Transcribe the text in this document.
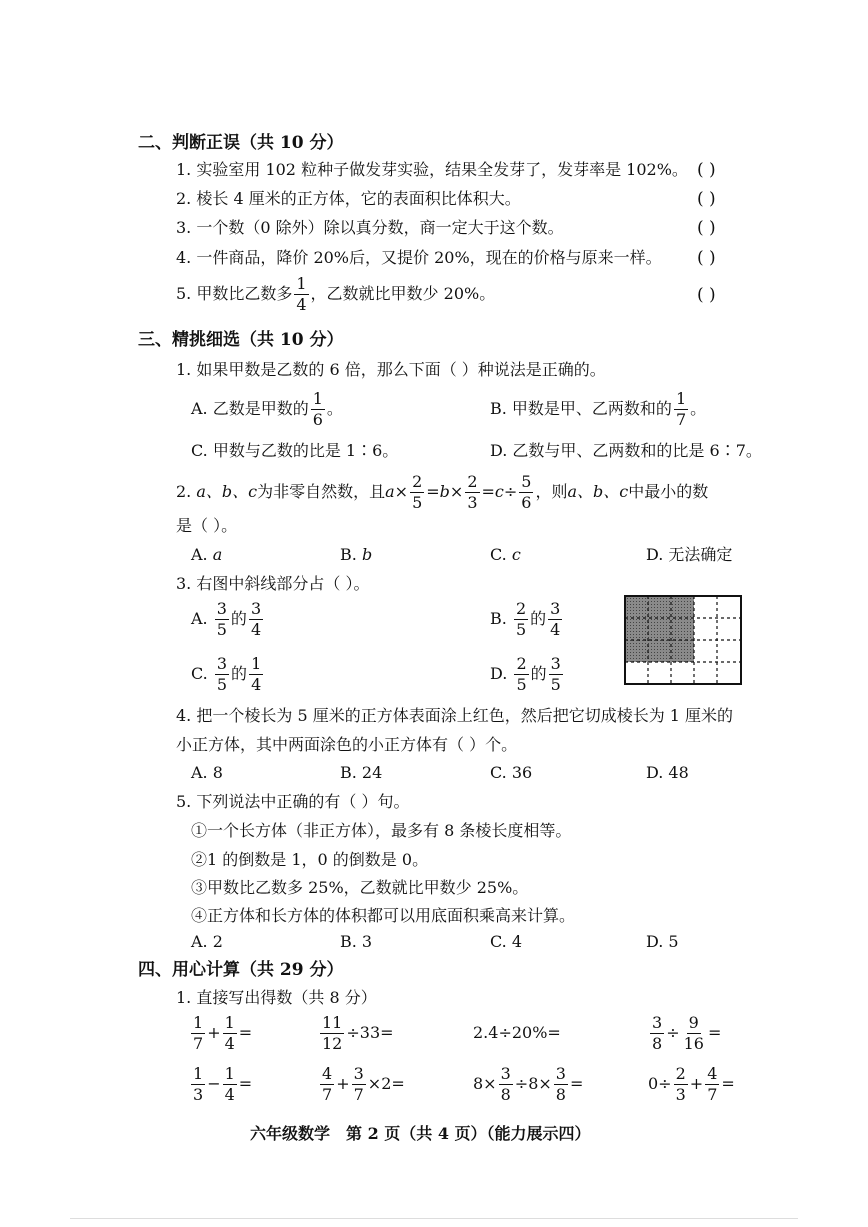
二、判断正误（共 10 分）
1. 实验室用 102 粒种子做发芽实验，结果全发芽了，发芽率是 102%。 ( )
2. 棱长 4 厘米的正方体，它的表面积比体积大。	( )
3. 一个数（0 除外）除以真分数，商一定大于这个数。	( )
4. 一件商品，降价 20%后，又提价 20%，现在的价格与原来一样。 ( )
5. 甲数比乙数多 $\frac{1}{4}$ ，乙数就比甲数少 20%。	( )
三、精挑细选（共 10 分）
1. 如果甲数是乙数的 6 倍，那么下面（ ）种说法是正确的。
A. 乙数是甲数的 $\frac{1}{6}$ 。	B. 甲数是甲、乙两数和的 $\frac{1}{7}$ 。
C. 甲数与乙数的比是 1∶6。	D. 乙数与甲、乙两数和的比是 6∶7。
2. a、b、c为非零自然数，且$a\times \frac{2}{5} =b\times \frac{2}{3} =c\div \frac{5}{6}$ ，则a、b、c中最小的数
是（ ）。
A. a	B. b	C. c	D. 无法确定
3. 右图中斜线部分占（ ）。
A. $\frac{3}{5}$ 的 $\frac{3}{4}$	B. $\frac{2}{5}$ 的 $\frac{3}{4}$
C. $\frac{3}{5}$ 的 $\frac{1}{4}$	D. $\frac{2}{5}$ 的 $\frac{3}{5}$
4. 把一个棱长为 5 厘米的正方体表面涂上红色，然后把它切成棱长为 1 厘米的
小正方体，其中两面涂色的小正方体有（ ）个。
A. 8	B. 24	C. 36	D. 48
5. 下列说法中正确的有（ ）句。
①一个长方体（非正方体），最多有 8 条棱长度相等。
②1 的倒数是 1，0 的倒数是 0。
③甲数比乙数多 25%，乙数就比甲数少 25%。
④正方体和长方体的体积都可以用底面积乘高来计算。
A. 2	B. 3	C. 4	D. 5
四、用心计算（共 29 分）
1. 直接写出得数（共 8 分）
$\frac{1}{7} + \frac{1}{4}$ =	$\frac{11}{12} \div 33=$	2.4÷20%=	$\frac{3}{8} \div \frac{9}{16}$ =
$\frac{1}{3} - \frac{1}{4}$ =	$\frac{4}{7} + \frac{3}{7} \times 2=$	$8\times \frac{3}{8} \div 8\times \frac{3}{8}$ =	$0\div \frac{2}{3} + \frac{4}{7}$ =
六年级数学　第 2 页（共 4 页）（能力展示四）
